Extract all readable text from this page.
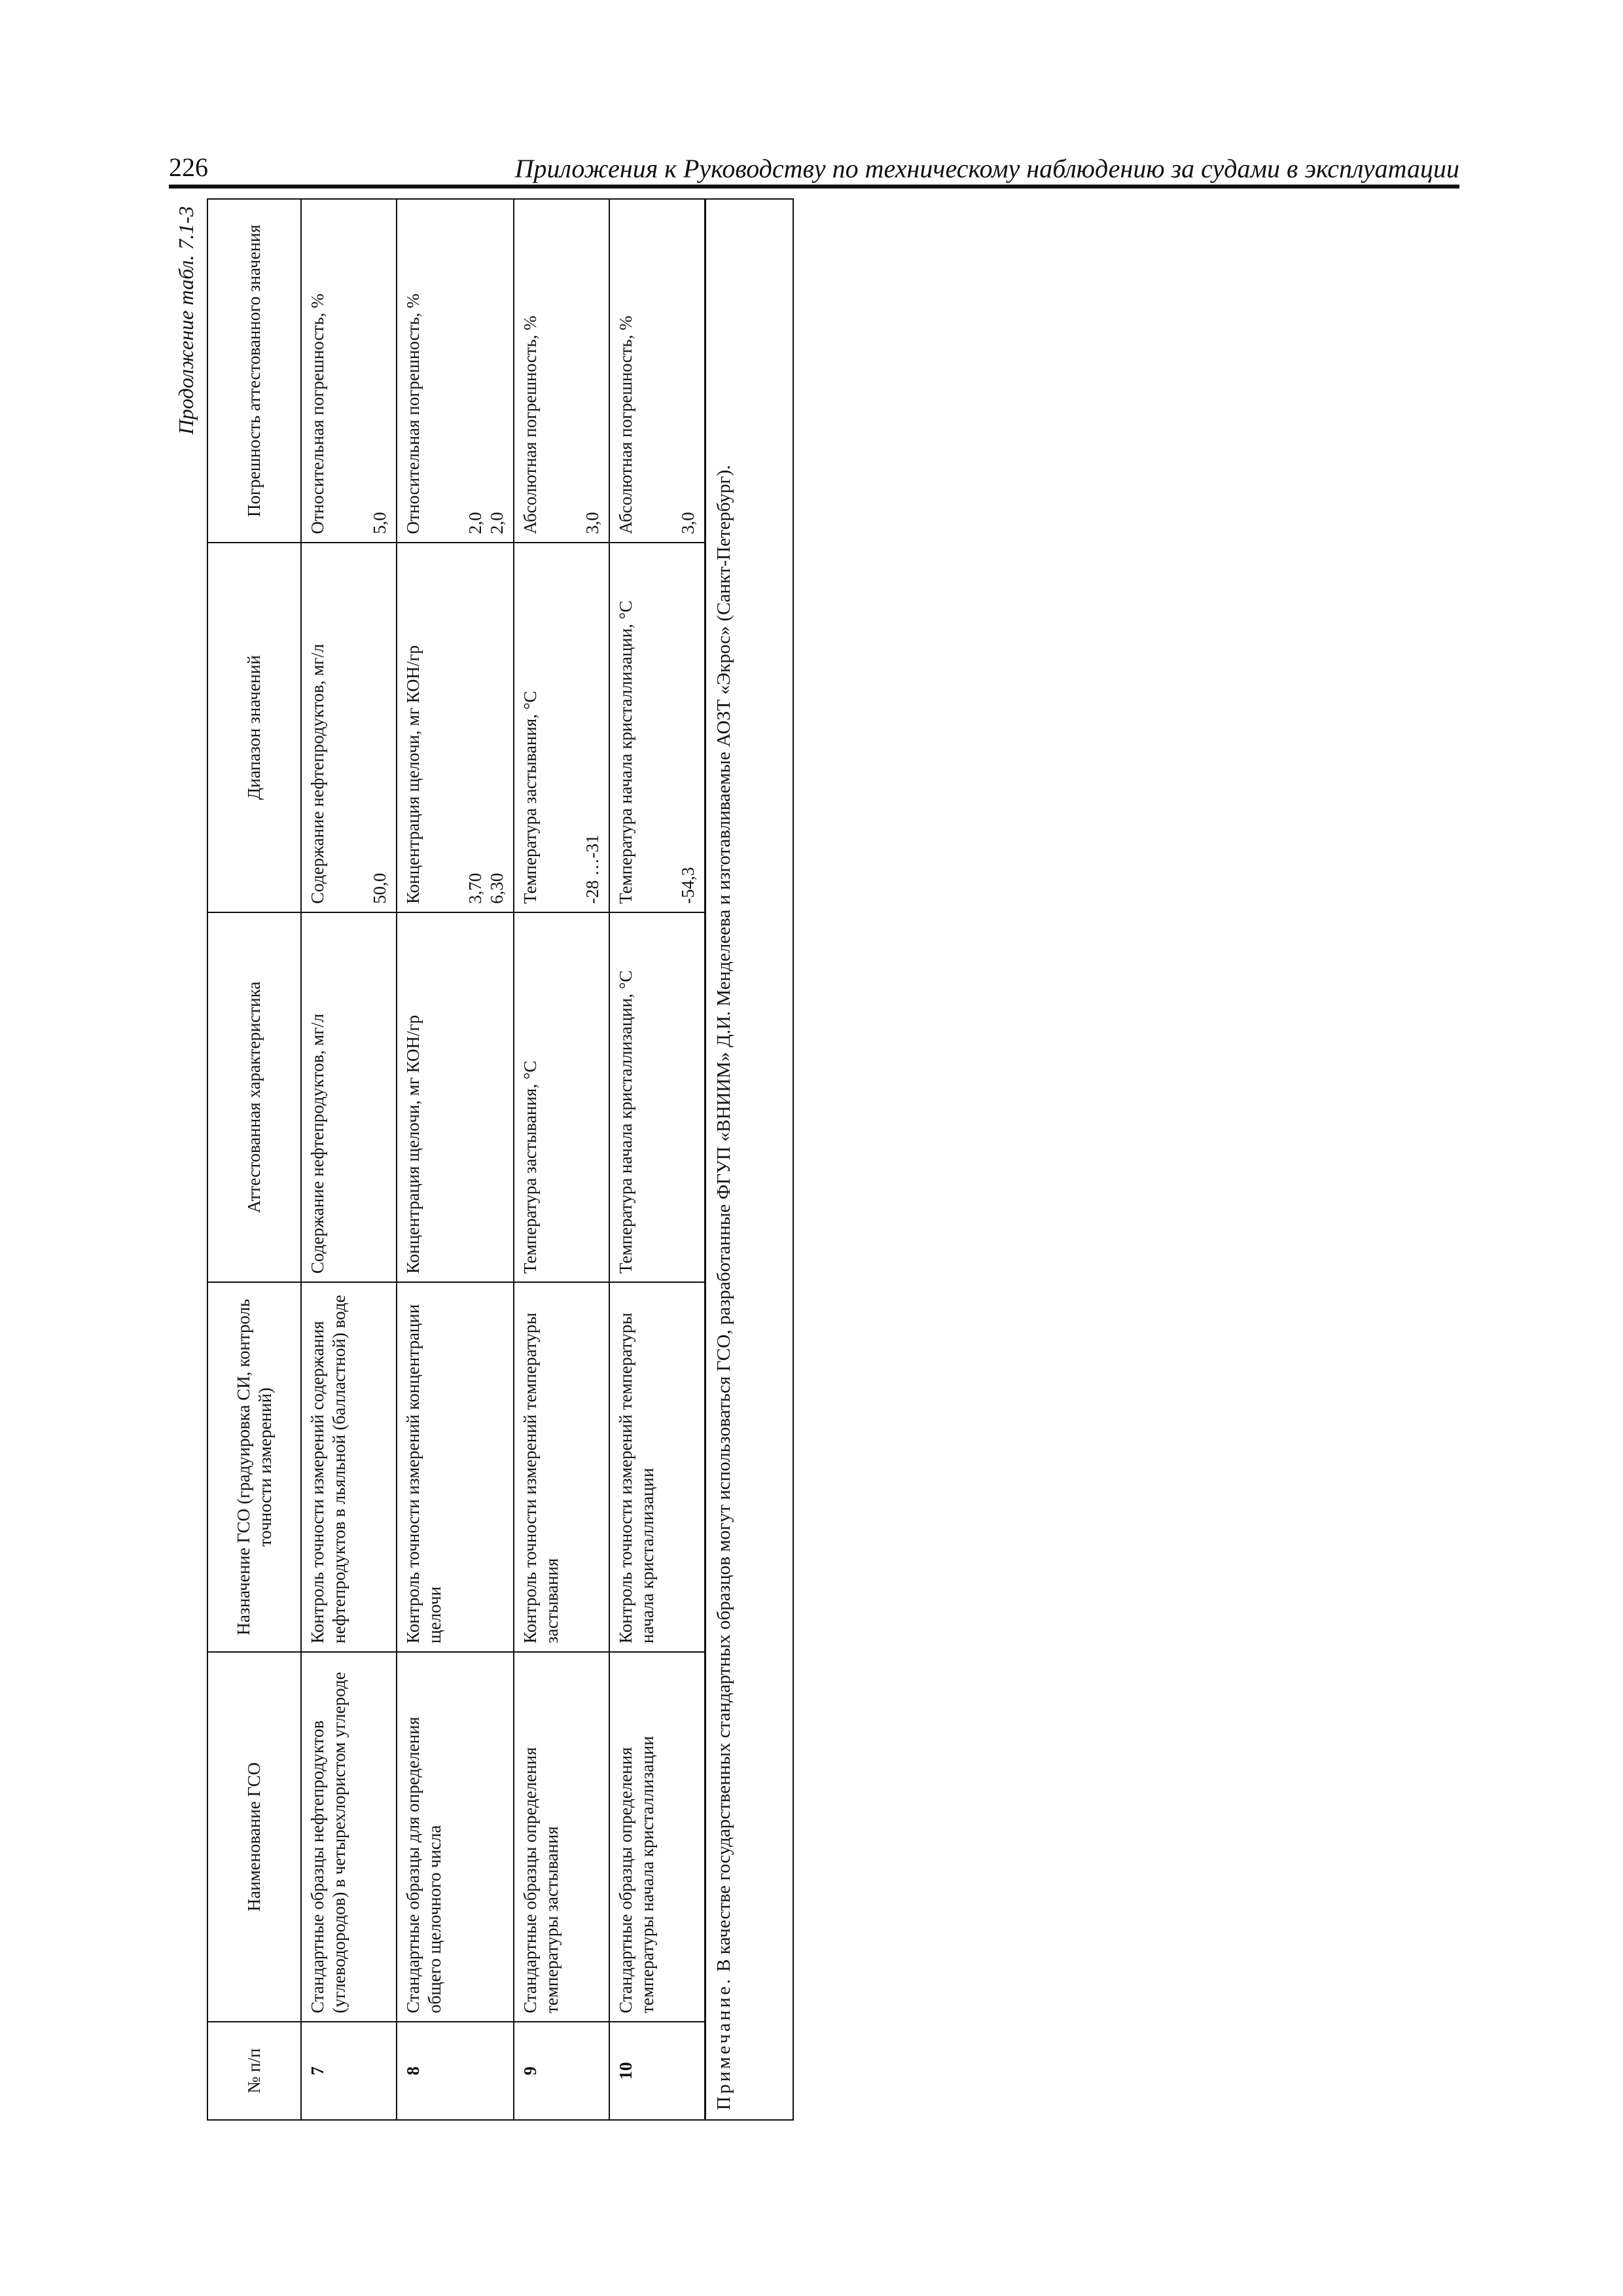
226	Приложения к Руководству по техническому наблюдению за судами в эксплуатации
Продолжение табл. 7.1-3
№ п/п	Наименование ГСО	Назначение ГСО (градуировка СИ, контроль точности измерений)	Аттестованная характеристика	Диапазон значений	Погрешность аттестованного значения
7	Стандартные образцы нефтепродуктов (углеводородов) в четырехлористом углероде	Контроль точности измерений содержания нефтепродуктов в льяльной (балластной) воде	Содержание нефтепродуктов, мг/л	Содержание нефтепродуктов, мг/л 50,0	Относительная погрешность, % 5,0

8	Стандартные образцы для определения общего щелочного числа	Контроль точности измерений концентрации щелочи	Концентрация щелочи, мг КОН/гр	Концентрация щелочи, мг КОН/гр 3,70 6,30	Относительная погрешность, % 2,0 2,0

9	Стандартные образцы определения температуры застывания	Контроль точности измерений температуры застывания	Температура застывания, °С	Температура застывания, °С -28 …-31	Абсолютная погрешность, % 3,0

10	Стандартные образцы определения температуры начала кристаллизации	Контроль точности измерений температуры начала кристаллизации	Температура начала кристаллизации, °С	Температура начала кристаллизации, °С -54,3	Абсолютная погрешность, % 3,0

Примечание. В качестве государственных стандартных образцов могут использоваться ГСО, разработанные ФГУП «ВНИИМ» Д.И. Менделеева и изготавливаемые АОЗТ «Экрос» (Санкт-Петербург).					
